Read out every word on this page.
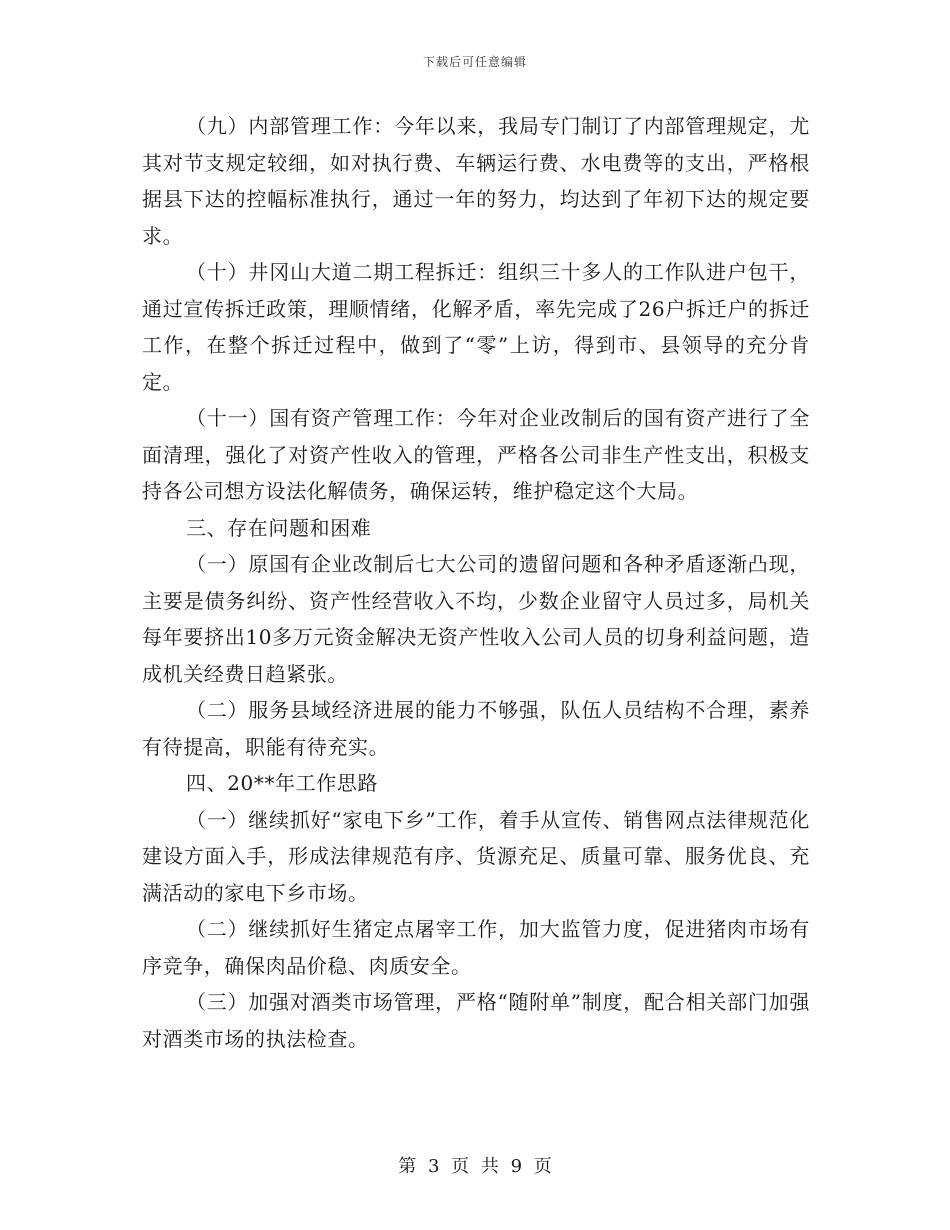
下载后可任意编辑

（九）内部管理工作：今年以来，我局专门制订了内部管理规定，尤其对节支规定较细，如对执行费、车辆运行费、水电费等的支出，严格根据县下达的控幅标准执行，通过一年的努力，均达到了年初下达的规定要求。

（十）井冈山大道二期工程拆迁：组织三十多人的工作队进户包干，通过宣传拆迁政策，理顺情绪，化解矛盾，率先完成了26户拆迁户的拆迁工作，在整个拆迁过程中，做到了“零”上访，得到市、县领导的充分肯定。

（十一）国有资产管理工作：今年对企业改制后的国有资产进行了全面清理，强化了对资产性收入的管理，严格各公司非生产性支出，积极支持各公司想方设法化解债务，确保运转，维护稳定这个大局。

三、存在问题和困难

（一）原国有企业改制后七大公司的遗留问题和各种矛盾逐渐凸现，主要是债务纠纷、资产性经营收入不均，少数企业留守人员过多，局机关每年要挤出10多万元资金解决无资产性收入公司人员的切身利益问题，造成机关经费日趋紧张。

（二）服务县域经济进展的能力不够强，队伍人员结构不合理，素养有待提高，职能有待充实。

四、20**年工作思路

（一）继续抓好“家电下乡”工作，着手从宣传、销售网点法律规范化建设方面入手，形成法律规范有序、货源充足、质量可靠、服务优良、充满活动的家电下乡市场。

（二）继续抓好生猪定点屠宰工作，加大监管力度，促进猪肉市场有序竞争，确保肉品价稳、肉质安全。

（三）加强对酒类市场管理，严格“随附单”制度，配合相关部门加强对酒类市场的执法检查。

第 3 页 共 9 页
